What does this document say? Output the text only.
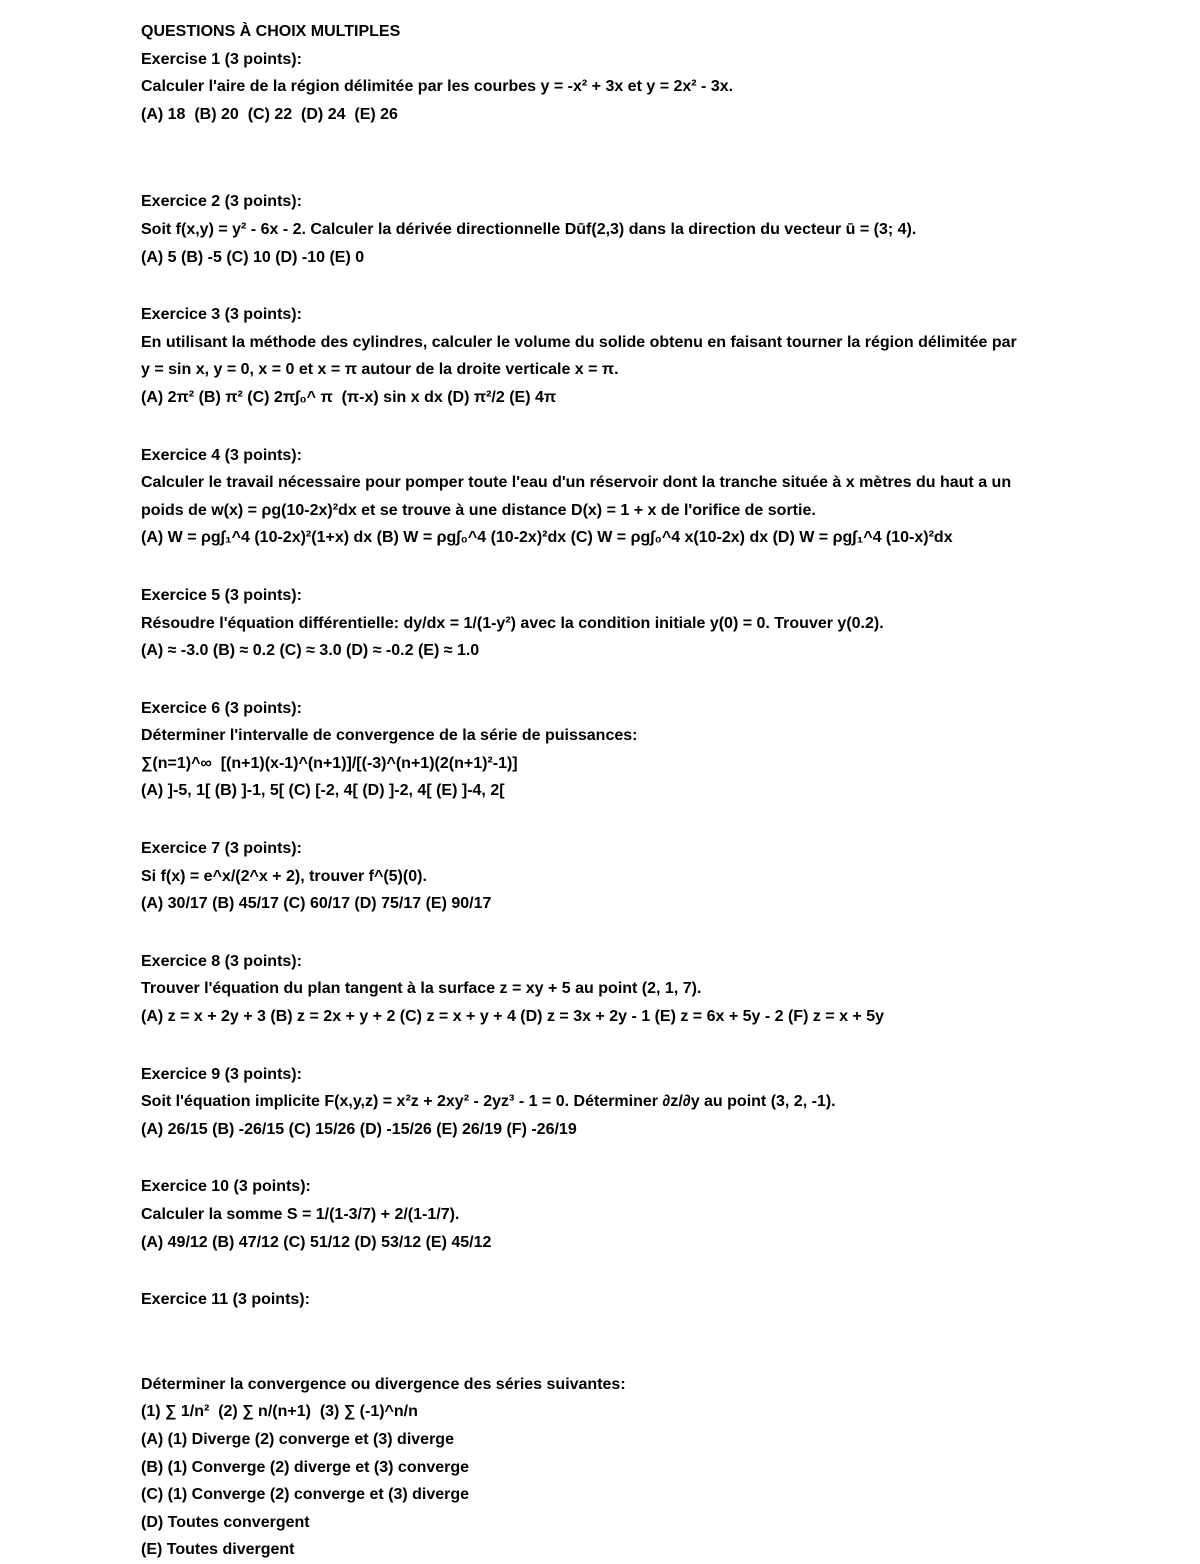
QUESTIONS À CHOIX MULTIPLES
Exercise 1 (3 points):
Calculer l'aire de la région délimitée par les courbes y = -x² + 3x et y = 2x² - 3x.
(A) 18  (B) 20  (C) 22  (D) 24  (E) 26
Exercice 2 (3 points):
Soit f(x,y) = y² - 6x - 2. Calculer la dérivée directionnelle Dūf(2,3) dans la direction du vecteur ū = (3; 4).
(A) 5 (B) -5 (C) 10 (D) -10 (E) 0
Exercice 3 (3 points):
En utilisant la méthode des cylindres, calculer le volume du solide obtenu en faisant tourner la région délimitée par
y = sin x, y = 0, x = 0 et x = π autour de la droite verticale x = π.
(A) 2π² (B) π² (C) 2π∫₀^ π  (π-x) sin x dx (D) π²/2 (E) 4π
Exercice 4 (3 points):
Calculer le travail nécessaire pour pomper toute l'eau d'un réservoir dont la tranche située à x mètres du haut a un
poids de w(x) = ρg(10-2x)²dx et se trouve à une distance D(x) = 1 + x de l'orifice de sortie.
(A) W = ρg∫₁^4 (10-2x)²(1+x) dx (B) W = ρg∫₀^4 (10-2x)²dx (C) W = ρg∫₀^4 x(10-2x) dx (D) W = ρg∫₁^4 (10-x)²dx
Exercice 5 (3 points):
Résoudre l'équation différentielle: dy/dx = 1/(1-y²) avec la condition initiale y(0) = 0. Trouver y(0.2).
(A) ≈ -3.0 (B) ≈ 0.2 (C) ≈ 3.0 (D) ≈ -0.2 (E) ≈ 1.0
Exercice 6 (3 points):
Déterminer l'intervalle de convergence de la série de puissances:
∑(n=1)^∞  [(n+1)(x-1)^(n+1)]/[(-3)^(n+1)(2(n+1)²-1)]
(A) ]-5, 1[ (B) ]-1, 5[ (C) [-2, 4[ (D) ]-2, 4[ (E) ]-4, 2[
Exercice 7 (3 points):
Si f(x) = e^x/(2^x + 2), trouver f^(5)(0).
(A) 30/17 (B) 45/17 (C) 60/17 (D) 75/17 (E) 90/17
Exercice 8 (3 points):
Trouver l'équation du plan tangent à la surface z = xy + 5 au point (2, 1, 7).
(A) z = x + 2y + 3 (B) z = 2x + y + 2 (C) z = x + y + 4 (D) z = 3x + 2y - 1 (E) z = 6x + 5y - 2 (F) z = x + 5y
Exercice 9 (3 points):
Soit l'équation implicite F(x,y,z) = x²z + 2xy² - 2yz³ - 1 = 0. Déterminer ∂z/∂y au point (3, 2, -1).
(A) 26/15 (B) -26/15 (C) 15/26 (D) -15/26 (E) 26/19 (F) -26/19
Exercice 10 (3 points):
Calculer la somme S = 1/(1-3/7) + 2/(1-1/7).
(A) 49/12 (B) 47/12 (C) 51/12 (D) 53/12 (E) 45/12
Exercice 11 (3 points):
Déterminer la convergence ou divergence des séries suivantes:
(1) ∑ 1/n²  (2) ∑ n/(n+1)  (3) ∑ (-1)^n/n
(A) (1) Diverge (2) converge et (3) diverge
(B) (1) Converge (2) diverge et (3) converge
(C) (1) Converge (2) converge et (3) diverge
(D) Toutes convergent
(E) Toutes divergent
